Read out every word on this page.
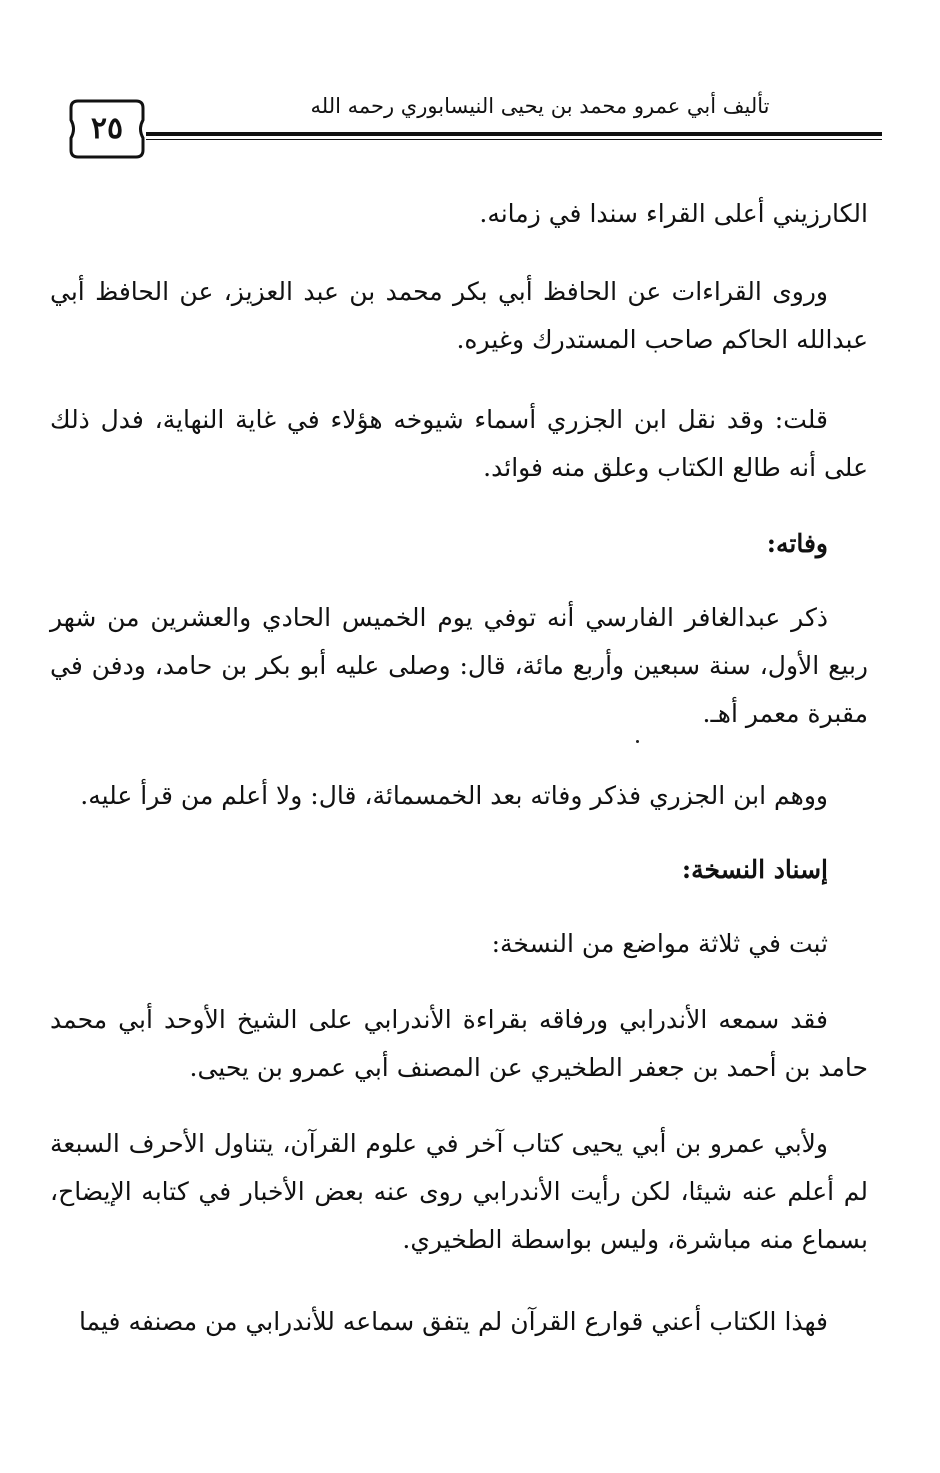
تأليف أبي عمرو محمد بن يحيى النيسابوري رحمه الله
٢٥

الكارزيني أعلى القراء سندا في زمانه.

وروى القراءات عن الحافظ أبي بكر محمد بن عبد العزيز، عن الحافظ أبي عبدالله الحاكم صاحب المستدرك وغيره.

قلت: وقد نقل ابن الجزري أسماء شيوخه هؤلاء في غاية النهاية، فدل ذلك على أنه طالع الكتاب وعلق منه فوائد.

وفاته:

ذكر عبدالغافر الفارسي أنه توفي يوم الخميس الحادي والعشرين من شهر ربيع الأول، سنة سبعين وأربع مائة، قال: وصلى عليه أبو بكر بن حامد، ودفن في مقبرة معمر أهـ.

ووهم ابن الجزري فذكر وفاته بعد الخمسمائة، قال: ولا أعلم من قرأ عليه.

إسناد النسخة:

ثبت في ثلاثة مواضع من النسخة:

فقد سمعه الأندرابي ورفاقه بقراءة الأندرابي على الشيخ الأوحد أبي محمد حامد بن أحمد بن جعفر الطخيري عن المصنف أبي عمرو بن يحيى.

ولأبي عمرو بن أبي يحيى كتاب آخر في علوم القرآن، يتناول الأحرف السبعة لم أعلم عنه شيئا، لكن رأيت الأندرابي روى عنه بعض الأخبار في كتابه الإيضاح، بسماع منه مباشرة، وليس بواسطة الطخيري.

فهذا الكتاب أعني قوارع القرآن لم يتفق سماعه للأندرابي من مصنفه فيما
